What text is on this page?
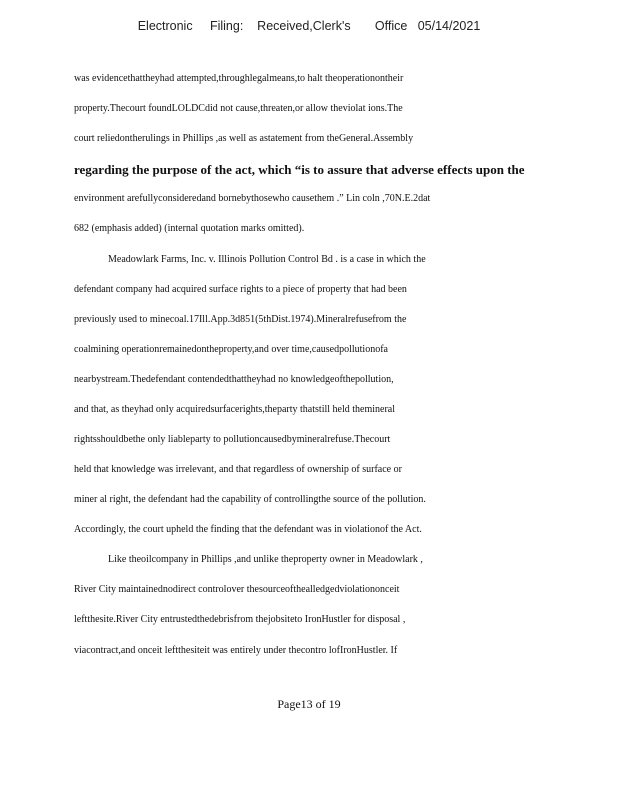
Electronic     Filing:    Received,Clerk's       Office   05/14/2021
was evidencethattheyhad attempted,throughlegalmeans,to halt theoperationontheir
property.Thecourt foundLOLDCdid not cause,threaten,or allow theviolat ions.The
court reliedontherulings in Phillips ,as well as astatement from theGeneral.Assembly
regarding the purpose of the act, which “is to assure that adverse effects upon the
environment arefullyconsideredand bornebythosewho causethem .” Lin coln ,70N.E.2dat
682 (emphasis added) (internal quotation marks omitted).
Meadowlark Farms, Inc. v. Illinois Pollution Control Bd . is a case in which the
defendant company had acquired surface rights to a piece of property that had been
previously used to minecoal.17Ill.App.3d851(5thDist.1974).Mineralrefusefrom the
coalmining operationremainedontheproperty,and over time,causedpollutionofa
nearbystream.Thedefendant contendedthattheyhad no knowledgeofthepollution,
and that, as theyhad only acquiredsurfacerights,theparty thatstill held themineral
rightsshouldbethe only liableparty to pollutioncausedbymineralrefuse.Thecourt
held that knowledge was irrelevant, and that regardless of ownership of surface or
miner al right, the defendant had the capability of controllingthe source of the pollution.
Accordingly, the court upheld the finding that the defendant was in violationof the Act.
Like theoilcompany in Phillips ,and unlike theproperty owner in Meadowlark ,
River City maintainednodirect controlover thesourceofthealledgedviolationonceit
leftthesite.River City entrustedthedebrisfrom thejobsiteto IronHustler for disposal ,
viacontract,and onceit leftthesiteit was entirely under thecontro lofIronHustler. If
Page13 of 19
